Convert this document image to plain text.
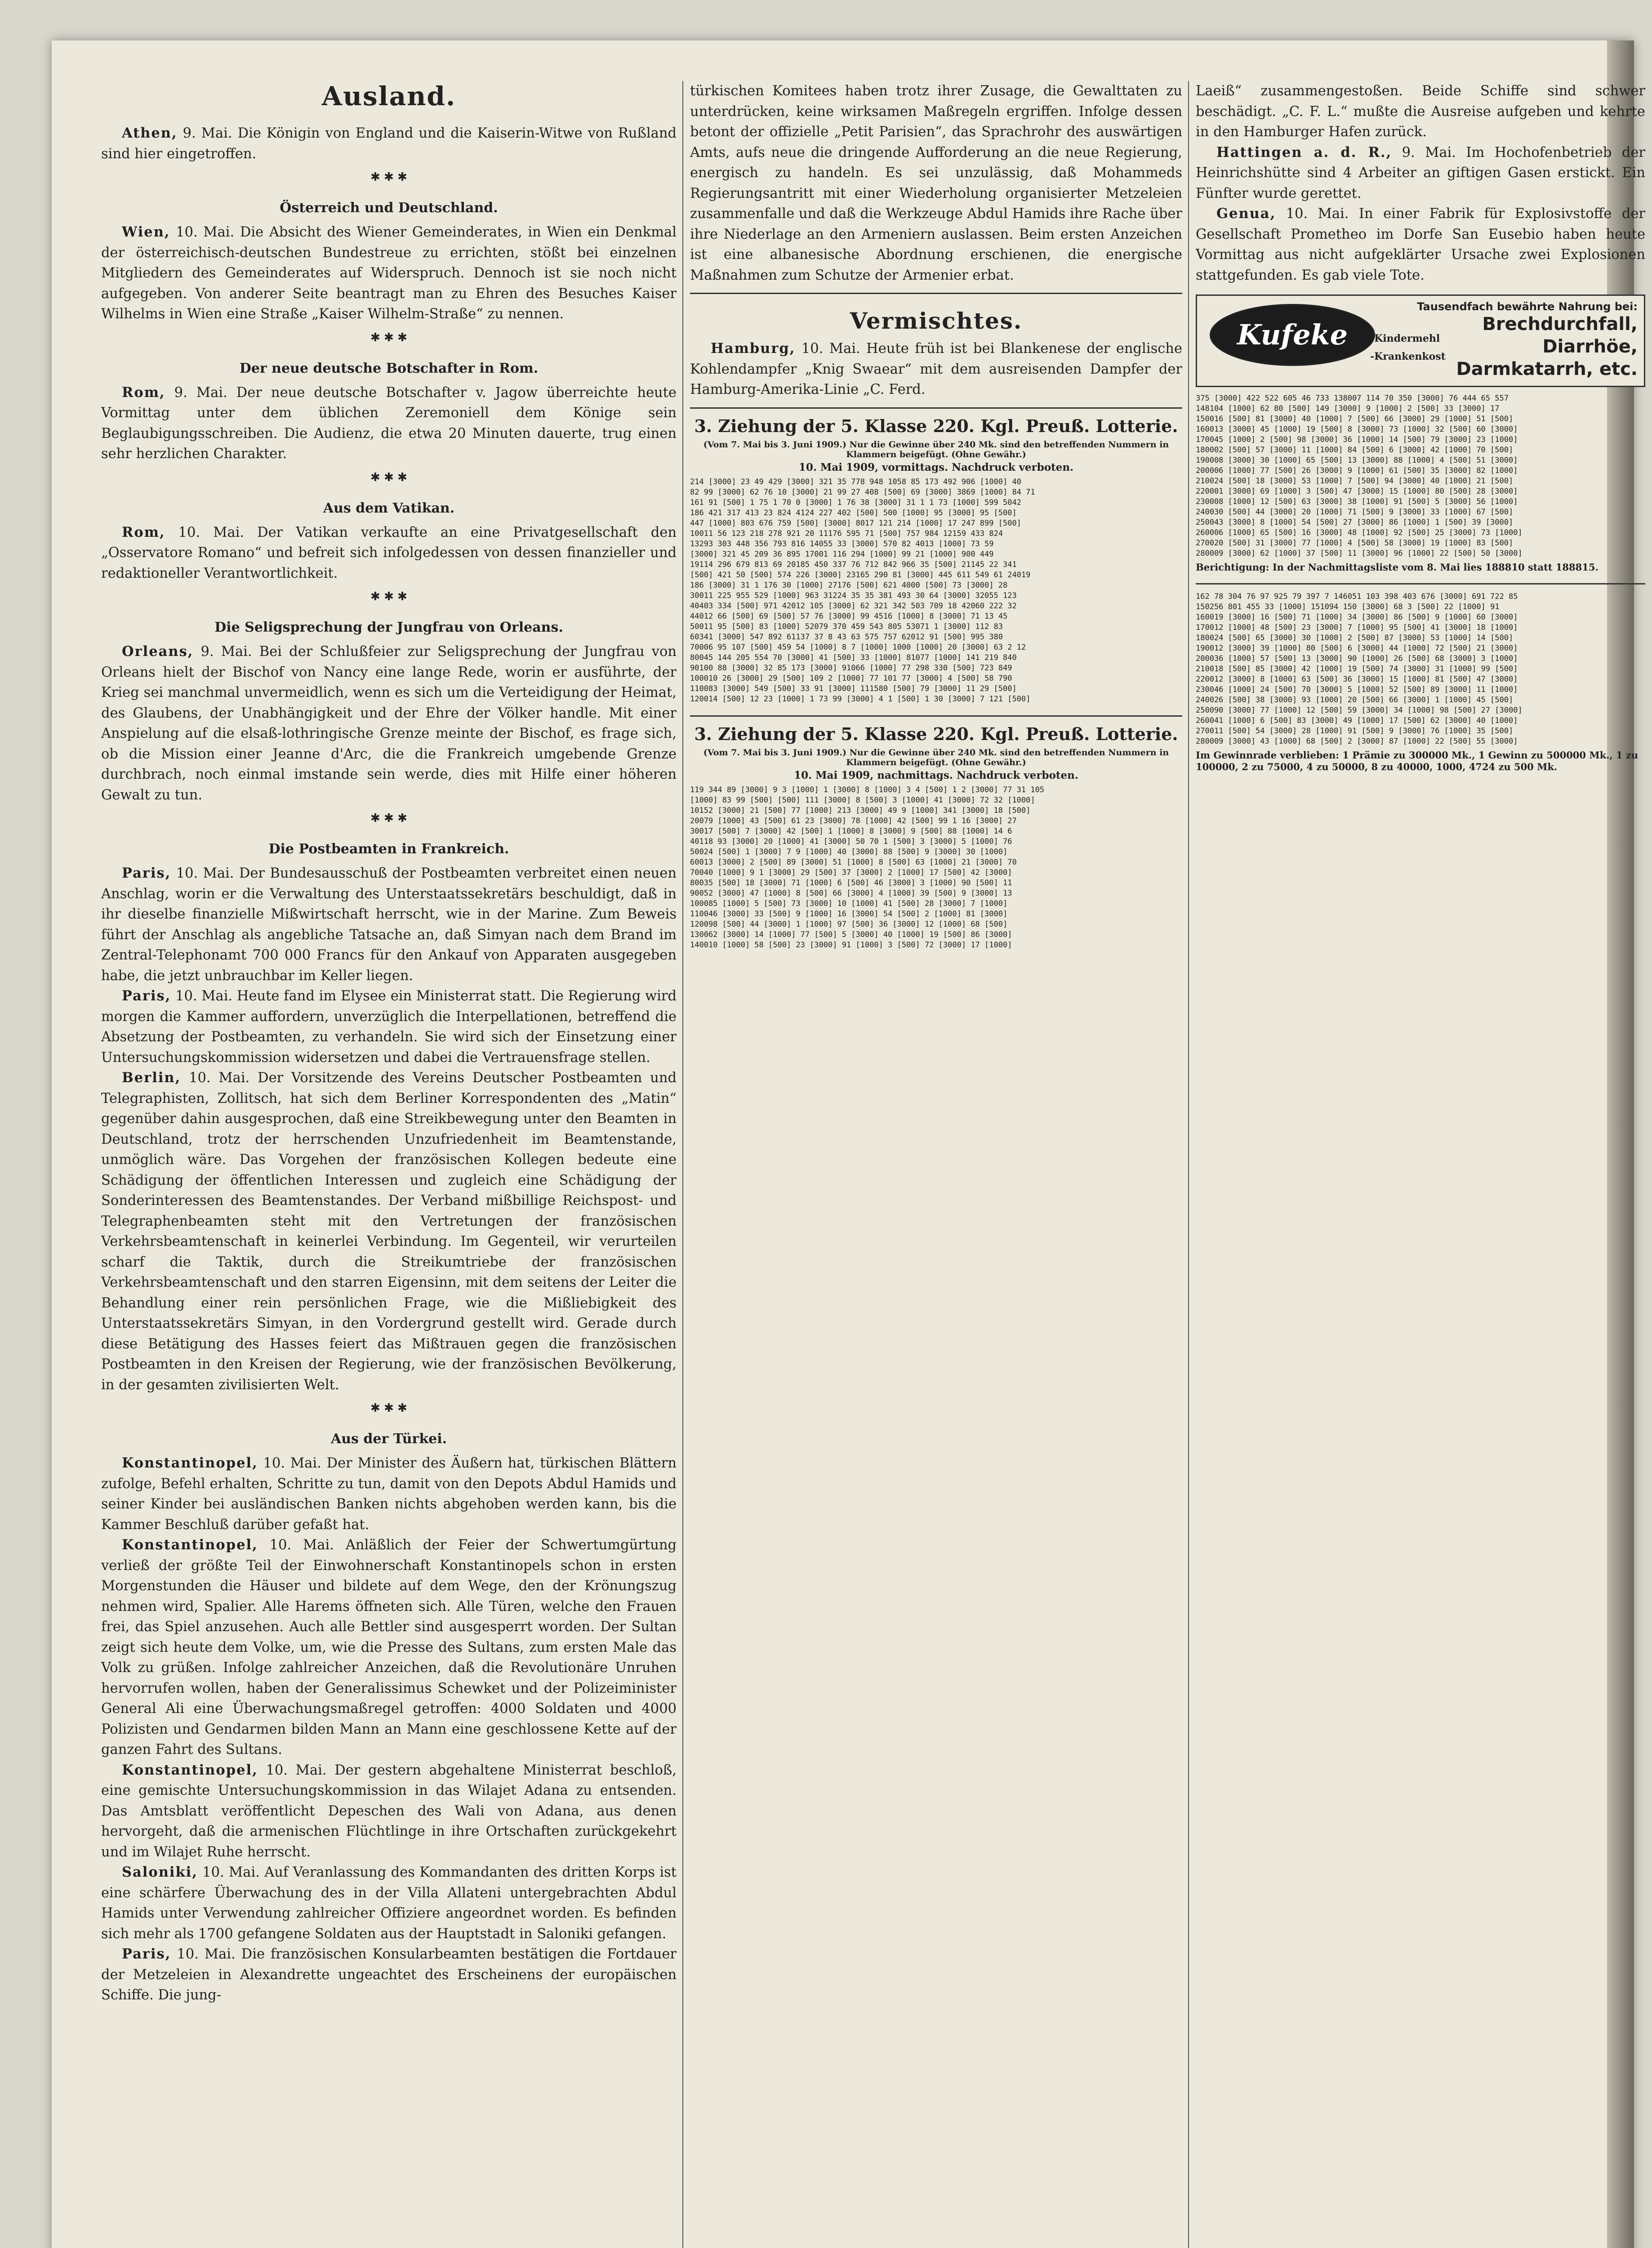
Ausland.

Athen, 9. Mai. Die Königin von England und die Kaiserin-Witwe von Rußland sind hier eingetroffen.

✱ ✱ ✱
Österreich und Deutschland.

Wien, 10. Mai. Die Absicht des Wiener Gemeinderates, in Wien ein Denkmal der österreichisch-deutschen Bundestreue zu errichten, stößt bei einzelnen Mitgliedern des Gemeinderates auf Widerspruch. Dennoch ist sie noch nicht aufgegeben. Von anderer Seite beantragt man zu Ehren des Besuches Kaiser Wilhelms in Wien eine Straße „Kaiser Wilhelm-Straße“ zu nennen.

✱ ✱ ✱
Der neue deutsche Botschafter in Rom.

Rom, 9. Mai. Der neue deutsche Botschafter v. Jagow überreichte heute Vormittag unter dem üblichen Zeremoniell dem Könige sein Beglaubigungsschreiben. Die Audienz, die etwa 20 Minuten dauerte, trug einen sehr herzlichen Charakter.

✱ ✱ ✱
Aus dem Vatikan.

Rom, 10. Mai. Der Vatikan verkaufte an eine Privatgesellschaft den „Osservatore Romano“ und befreit sich infolgedessen von dessen finanzieller und redaktioneller Verantwortlichkeit.

✱ ✱ ✱
Die Seligsprechung der Jungfrau von Orleans.

Orleans, 9. Mai. Bei der Schlußfeier zur Seligsprechung der Jungfrau von Orleans hielt der Bischof von Nancy eine lange Rede, worin er ausführte, der Krieg sei manchmal unvermeidlich, wenn es sich um die Verteidigung der Heimat, des Glaubens, der Unabhängigkeit und der Ehre der Völker handle. Mit einer Anspielung auf die elsaß-lothringische Grenze meinte der Bischof, es frage sich, ob die Mission einer Jeanne d'Arc, die die Frankreich umgebende Grenze durchbrach, noch einmal imstande sein werde, dies mit Hilfe einer höheren Gewalt zu tun.

✱ ✱ ✱
Die Postbeamten in Frankreich.

Paris, 10. Mai. Der Bundesausschuß der Postbeamten verbreitet einen neuen Anschlag, worin er die Verwaltung des Unterstaatssekretärs beschuldigt, daß in ihr dieselbe finanzielle Mißwirtschaft herrscht, wie in der Marine. Zum Beweis führt der Anschlag als angebliche Tatsache an, daß Simyan nach dem Brand im Zentral-Telephonamt 700 000 Francs für den Ankauf von Apparaten ausgegeben habe, die jetzt unbrauchbar im Keller liegen.

Paris, 10. Mai. Heute fand im Elysee ein Ministerrat statt. Die Regierung wird morgen die Kammer auffordern, unverzüglich die Interpellationen, betreffend die Absetzung der Postbeamten, zu verhandeln. Sie wird sich der Einsetzung einer Untersuchungskommission widersetzen und dabei die Vertrauensfrage stellen.

Berlin, 10. Mai. Der Vorsitzende des Vereins Deutscher Postbeamten und Telegraphisten, Zollitsch, hat sich dem Berliner Korrespondenten des „Matin“ gegenüber dahin ausgesprochen, daß eine Streikbewegung unter den Beamten in Deutschland, trotz der herrschenden Unzufriedenheit im Beamtenstande, unmöglich wäre. Das Vorgehen der französischen Kollegen bedeute eine Schädigung der öffentlichen Interessen und zugleich eine Schädigung der Sonderinteressen des Beamtenstandes. Der Verband mißbillige Reichspost- und Telegraphenbeamten steht mit den Vertretungen der französischen Verkehrsbeamtenschaft in keinerlei Verbindung. Im Gegenteil, wir verurteilen scharf die Taktik, durch die Streikumtriebe der französischen Verkehrsbeamtenschaft und den starren Eigensinn, mit dem seitens der Leiter die Behandlung einer rein persönlichen Frage, wie die Mißliebigkeit des Unterstaatssekretärs Simyan, in den Vordergrund gestellt wird. Gerade durch diese Betätigung des Hasses feiert das Mißtrauen gegen die französischen Postbeamten in den Kreisen der Regierung, wie der französischen Bevölkerung, in der gesamten zivilisierten Welt.

✱ ✱ ✱
Aus der Türkei.

Konstantinopel, 10. Mai. Der Minister des Äußern hat, türkischen Blättern zufolge, Befehl erhalten, Schritte zu tun, damit von den Depots Abdul Hamids und seiner Kinder bei ausländischen Banken nichts abgehoben werden kann, bis die Kammer Beschluß darüber gefaßt hat.

Konstantinopel, 10. Mai. Anläßlich der Feier der Schwertumgürtung verließ der größte Teil der Einwohnerschaft Konstantinopels schon in ersten Morgenstunden die Häuser und bildete auf dem Wege, den der Krönungszug nehmen wird, Spalier. Alle Harems öffneten sich. Alle Türen, welche den Frauen frei, das Spiel anzusehen. Auch alle Bettler sind ausgesperrt worden. Der Sultan zeigt sich heute dem Volke, um, wie die Presse des Sultans, zum ersten Male das Volk zu grüßen. Infolge zahlreicher Anzeichen, daß die Revolutionäre Unruhen hervorrufen wollen, haben der Generalissimus Schewket und der Polizeiminister General Ali eine Überwachungsmaßregel getroffen: 4000 Soldaten und 4000 Polizisten und Gendarmen bilden Mann an Mann eine geschlossene Kette auf der ganzen Fahrt des Sultans.

Konstantinopel, 10. Mai. Der gestern abgehaltene Ministerrat beschloß, eine gemischte Untersuchungskommission in das Wilajet Adana zu entsenden. Das Amtsblatt veröffentlicht Depeschen des Wali von Adana, aus denen hervorgeht, daß die armenischen Flüchtlinge in ihre Ortschaften zurückgekehrt und im Wilajet Ruhe herrscht.

Saloniki, 10. Mai. Auf Veranlassung des Kommandanten des dritten Korps ist eine schärfere Überwachung des in der Villa Allateni untergebrachten Abdul Hamids unter Verwendung zahlreicher Offiziere angeordnet worden. Es befinden sich mehr als 1700 gefangene Soldaten aus der Hauptstadt in Saloniki gefangen.

Paris, 10. Mai. Die französischen Konsularbeamten bestätigen die Fortdauer der Metzeleien in Alexandrette ungeachtet des Erscheinens der europäischen Schiffe. Die jung-

türkischen Komitees haben trotz ihrer Zusage, die Gewalttaten zu unterdrücken, keine wirksamen Maßregeln ergriffen. Infolge dessen betont der offizielle „Petit Parisien“, das Sprachrohr des auswärtigen Amts, aufs neue die dringende Aufforderung an die neue Regierung, energisch zu handeln. Es sei unzulässig, daß Mohammeds Regierungsantritt mit einer Wiederholung organisierter Metzeleien zusammenfalle und daß die Werkzeuge Abdul Hamids ihre Rache über ihre Niederlage an den Armeniern auslassen. Beim ersten Anzeichen ist eine albanesische Abordnung erschienen, die energische Maßnahmen zum Schutze der Armenier erbat.

Vermischtes.

Hamburg, 10. Mai. Heute früh ist bei Blankenese der englische Kohlendampfer „Knig Swaear“ mit dem ausreisenden Dampfer der Hamburg-Amerika-Linie „C. Ferd.

3. Ziehung der 5. Klasse 220. Kgl. Preuß. Lotterie.
(Vom 7. Mai bis 3. Juni 1909.) Nur die Gewinne über 240 Mk. sind den betreffenden Nummern in Klammern beigefügt. (Ohne Gewähr.)
10. Mai 1909, vormittags. Nachdruck verboten.
214 [3000] 23 49 429 [3000] 321 35 778 948 1058 85 173 492 906 [1000] 40
82 99 [3000] 62 76 10 [3000] 21 99 27 408 [500] 69 [3000] 3869 [1000] 84 71
161 91 [500] 1 75 1 70 0 [3000] 1 76 38 [3000] 31 1 1 73 [1000] 599 5042
186 421 317 413 23 824 4124 227 402 [500] 500 [1000] 95 [3000] 95 [500]
447 [1000] 803 676 759 [500] [3000] 8017 121 214 [1000] 17 247 899 [500]
10011 56 123 218 278 921 20 11176 595 71 [500] 757 984 12159 433 824
13293 303 448 356 793 816 14055 33 [3000] 570 82 4013 [1000] 73 59
[3000] 321 45 209 36 895 17001 116 294 [1000] 99 21 [1000] 900 449
19114 296 679 813 69 20185 450 337 76 712 842 966 35 [500] 21145 22 341
[500] 421 50 [500] 574 226 [3000] 23165 290 81 [3000] 445 611 549 61 24019
186 [3000] 31 1 176 30 [1000] 27176 [500] 621 4000 [500] 73 [3000] 28
30011 225 955 529 [1000] 963 31224 35 35 381 493 30 64 [3000] 32055 123
40403 334 [500] 971 42012 105 [3000] 62 321 342 503 709 18 42060 222 32
44012 66 [500] 69 [500] 57 76 [3000] 99 4516 [1000] 8 [3000] 71 13 45
50011 95 [500] 83 [1000] 52079 370 459 543 805 53071 1 [3000] 112 83
60341 [3000] 547 892 61137 37 8 43 63 575 757 62012 91 [500] 995 380
70006 95 107 [500] 459 54 [1000] 8 7 [1000] 1000 [1000] 20 [3000] 63 2 12
80045 144 205 554 70 [3000] 41 [500] 33 [1000] 81077 [1000] 141 219 840
90100 88 [3000] 32 85 173 [3000] 91066 [1000] 77 298 330 [500] 723 849
100010 26 [3000] 29 [500] 109 2 [1000] 77 101 77 [3000] 4 [500] 58 790
110083 [3000] 549 [500] 33 91 [3000] 111580 [500] 79 [3000] 11 29 [500]
120014 [500] 12 23 [1000] 1 73 99 [3000] 4 1 [500] 1 30 [3000] 7 121 [500]
3. Ziehung der 5. Klasse 220. Kgl. Preuß. Lotterie.
(Vom 7. Mai bis 3. Juni 1909.) Nur die Gewinne über 240 Mk. sind den betreffenden Nummern in Klammern beigefügt. (Ohne Gewähr.)
10. Mai 1909, nachmittags. Nachdruck verboten.
119 344 89 [3000] 9 3 [1000] 1 [3000] 8 [1000] 3 4 [500] 1 2 [3000] 77 31 105
[1000] 83 99 [500] [500] 111 [3000] 8 [500] 3 [1000] 41 [3000] 72 32 [1000]
10152 [3000] 21 [500] 77 [1000] 213 [3000] 49 9 [1000] 341 [3000] 18 [500]
20079 [1000] 43 [500] 61 23 [3000] 78 [1000] 42 [500] 99 1 16 [3000] 27
30017 [500] 7 [3000] 42 [500] 1 [1000] 8 [3000] 9 [500] 88 [1000] 14 6
40118 93 [3000] 20 [1000] 41 [3000] 50 70 1 [500] 3 [3000] 5 [1000] 76
50024 [500] 1 [3000] 7 9 [1000] 40 [3000] 88 [500] 9 [3000] 30 [1000]
60013 [3000] 2 [500] 89 [3000] 51 [1000] 8 [500] 63 [1000] 21 [3000] 70
70040 [1000] 9 1 [3000] 29 [500] 37 [3000] 2 [1000] 17 [500] 42 [3000]
80035 [500] 18 [3000] 71 [1000] 6 [500] 46 [3000] 3 [1000] 90 [500] 11
90052 [3000] 47 [1000] 8 [500] 66 [3000] 4 [1000] 39 [500] 9 [3000] 13
100085 [1000] 5 [500] 73 [3000] 10 [1000] 41 [500] 28 [3000] 7 [1000]
110046 [3000] 33 [500] 9 [1000] 16 [3000] 54 [500] 2 [1000] 81 [3000]
120098 [500] 44 [3000] 1 [1000] 97 [500] 36 [3000] 12 [1000] 68 [500]
130062 [3000] 14 [1000] 77 [500] 5 [3000] 40 [1000] 19 [500] 86 [3000]
140010 [1000] 58 [500] 23 [3000] 91 [1000] 3 [500] 72 [3000] 17 [1000]

Laeiß“ zusammengestoßen. Beide Schiffe sind schwer beschädigt. „C. F. L.“ mußte die Ausreise aufgeben und kehrte in den Hamburger Hafen zurück.

Hattingen a. d. R., 9. Mai. Im Hochofenbetrieb der Heinrichshütte sind 4 Arbeiter an giftigen Gasen erstickt. Ein Fünfter wurde gerettet.

Genua, 10. Mai. In einer Fabrik für Explosivstoffe der Gesellschaft Prometheo im Dorfe San Eusebio haben heute Vormittag aus nicht aufgeklärter Ursache zwei Explosionen stattgefunden. Es gab viele Tote.

Kufeke	-Kindermehl
-Krankenkost
Tausendfach bewährte Nahrung bei:
Brechdurchfall,
Diarrhöe,
Darmkatarrh, etc.
375 [3000] 422 522 605 46 733 138007 114 70 350 [3000] 76 444 65 557
148104 [1000] 62 80 [500] 149 [3000] 9 [1000] 2 [500] 33 [3000] 17
150016 [500] 81 [3000] 40 [1000] 7 [500] 66 [3000] 29 [1000] 51 [500]
160013 [3000] 45 [1000] 19 [500] 8 [3000] 73 [1000] 32 [500] 60 [3000]
170045 [1000] 2 [500] 98 [3000] 36 [1000] 14 [500] 79 [3000] 23 [1000]
180002 [500] 57 [3000] 11 [1000] 84 [500] 6 [3000] 42 [1000] 70 [500]
190008 [3000] 30 [1000] 65 [500] 13 [3000] 88 [1000] 4 [500] 51 [3000]
200006 [1000] 77 [500] 26 [3000] 9 [1000] 61 [500] 35 [3000] 82 [1000]
210024 [500] 18 [3000] 53 [1000] 7 [500] 94 [3000] 40 [1000] 21 [500]
220001 [3000] 69 [1000] 3 [500] 47 [3000] 15 [1000] 80 [500] 28 [3000]
230008 [1000] 12 [500] 63 [3000] 38 [1000] 91 [500] 5 [3000] 56 [1000]
240030 [500] 44 [3000] 20 [1000] 71 [500] 9 [3000] 33 [1000] 67 [500]
250043 [3000] 8 [1000] 54 [500] 27 [3000] 86 [1000] 1 [500] 39 [3000]
260006 [1000] 65 [500] 16 [3000] 48 [1000] 92 [500] 25 [3000] 73 [1000]
270020 [500] 31 [3000] 77 [1000] 4 [500] 58 [3000] 19 [1000] 83 [500]
280009 [3000] 62 [1000] 37 [500] 11 [3000] 96 [1000] 22 [500] 50 [3000]
Berichtigung: In der Nachmittagsliste vom 8. Mai lies 188810 statt 188815.
162 78 304 76 97 925 79 397 7 146051 103 398 403 676 [3000] 691 722 85
150256 801 455 33 [1000] 151094 150 [3000] 68 3 [500] 22 [1000] 91
160019 [3000] 16 [500] 71 [1000] 34 [3000] 86 [500] 9 [1000] 60 [3000]
170012 [1000] 48 [500] 23 [3000] 7 [1000] 95 [500] 41 [3000] 18 [1000]
180024 [500] 65 [3000] 30 [1000] 2 [500] 87 [3000] 53 [1000] 14 [500]
190012 [3000] 39 [1000] 80 [500] 6 [3000] 44 [1000] 72 [500] 21 [3000]
200036 [1000] 57 [500] 13 [3000] 90 [1000] 26 [500] 68 [3000] 3 [1000]
210018 [500] 85 [3000] 42 [1000] 19 [500] 74 [3000] 31 [1000] 99 [500]
220012 [3000] 8 [1000] 63 [500] 36 [3000] 15 [1000] 81 [500] 47 [3000]
230046 [1000] 24 [500] 70 [3000] 5 [1000] 52 [500] 89 [3000] 11 [1000]
240026 [500] 38 [3000] 93 [1000] 20 [500] 66 [3000] 1 [1000] 45 [500]
250090 [3000] 77 [1000] 12 [500] 59 [3000] 34 [1000] 98 [500] 27 [3000]
260041 [1000] 6 [500] 83 [3000] 49 [1000] 17 [500] 62 [3000] 40 [1000]
270011 [500] 54 [3000] 28 [1000] 91 [500] 9 [3000] 76 [1000] 35 [500]
280009 [3000] 43 [1000] 68 [500] 2 [3000] 87 [1000] 22 [500] 55 [3000]
Im Gewinnrade verblieben: 1 Prämie zu 300000 Mk., 1 Gewinn zu 500000 Mk., 1 zu 100000, 2 zu 75000, 4 zu 50000, 8 zu 40000, 1000, 4724 zu 500 Mk.
